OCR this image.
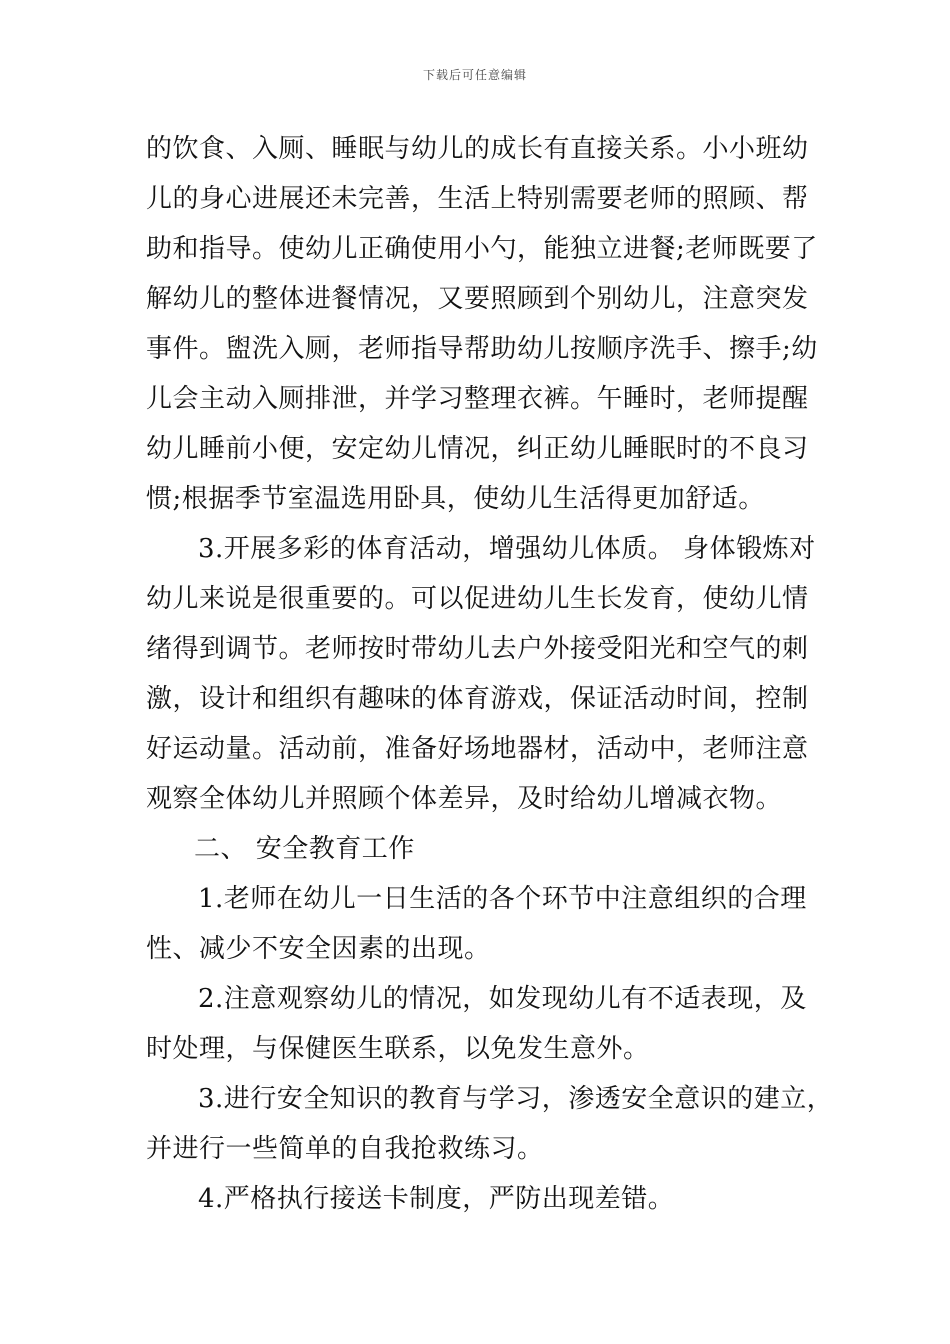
下载后可任意编辑
的饮食、入厕、睡眠与幼儿的成长有直接关系。小小班幼
儿的身心进展还未完善，生活上特别需要老师的照顾、帮
助和指导。使幼儿正确使用小勺，能独立进餐;老师既要了
解幼儿的整体进餐情况，又要照顾到个别幼儿，注意突发
事件。盥洗入厕，老师指导帮助幼儿按顺序洗手、擦手;幼
儿会主动入厕排泄，并学习整理衣裤。午睡时，老师提醒
幼儿睡前小便，安定幼儿情况，纠正幼儿睡眠时的不良习
惯;根据季节室温选用卧具，使幼儿生活得更加舒适。
3.开展多彩的体育活动，增强幼儿体质。 身体锻炼对
幼儿来说是很重要的。可以促进幼儿生长发育，使幼儿情
绪得到调节。老师按时带幼儿去户外接受阳光和空气的刺
激，设计和组织有趣味的体育游戏，保证活动时间，控制
好运动量。活动前，准备好场地器材，活动中，老师注意
观察全体幼儿并照顾个体差异，及时给幼儿增减衣物。
二、 安全教育工作
1.老师在幼儿一日生活的各个环节中注意组织的合理
性、减少不安全因素的出现。
2.注意观察幼儿的情况，如发现幼儿有不适表现，及
时处理，与保健医生联系，以免发生意外。
3.进行安全知识的教育与学习，渗透安全意识的建立，
并进行一些简单的自我抢救练习。
4.严格执行接送卡制度，严防出现差错。
